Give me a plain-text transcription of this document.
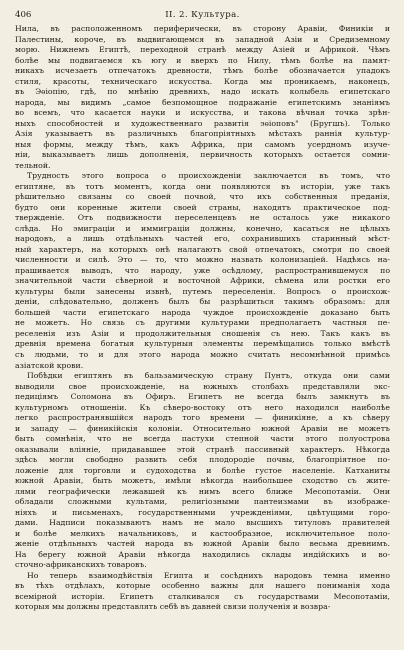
406	II. 2. Культура.

Нила, въ расположенномъ периферически, въ сторону Аравіи, Финикіи и
Палестины, короче, въ выдвигающемся въ западной Азіи и Средиземному
морю. Нижнемъ Египтѣ, переходной странѣ между Азіей и Африкой. Чѣмъ
болѣе мы подвигаемся къ югу и вверхъ по Нилу, тѣмъ болѣе на памят-
никахъ исчезаетъ отпечатокъ древности, тѣмъ болѣе обозначается упадокъ
стиля, красоты, техническаго искусства. Когда мы проникаемъ, наконецъ,
въ Эѳіопію, гдѣ, по мнѣнію древнихъ, надо искать колыбель египетскаго
народа, мы видимъ „самое безпомощное подражаніе египетскимъ знаніямъ
во всемъ, что касается науки и искусства, и такова вѣчная точка зрѣн-
ныхъ способностей и художественнаго развитія эѳіоповъ" (Бругшъ). Только
Азія указываетъ въ различныхъ благопріятныхъ мѣстахъ раннія культур-
ныя формы, между тѣмъ, какъ Африка, при самомъ усердномъ изуче-
ніи, выказываетъ лишь дополненія, первичность которыхъ остается сомни-
тельной.

Трудность этого вопроса о происхожденіи заключается въ томъ, что
египтяне, въ тотъ моментъ, когда они появляются въ исторіи, уже такъ
рѣшительно связаны со своей почвой, что ихъ собственныя преданія,
будто они коренные жители своей страны, находятъ практическое под-
твержденіе. Отъ подвижности переселенцевъ не осталось уже никакого
слѣда. Но эмиграціи и иммиграціи должны, конечно, касаться не цѣлыхъ
народовъ, а лишь отдѣльныхъ частей его, сохранившихъ старинный мѣст-
ный характеръ, на которыхъ онѣ налагаютъ свой отпечатокъ, смотря по своей
численности и силѣ. Это — то, что можно назвать колонизаціей. Надѣясь на-
прашивается выводъ, что народу, уже осѣдлому, распространившемуся по
значительной части сѣверной и восточной Африки, сѣмена или ростки его
культуры были занесены извнѣ, путемъ переселенія. Вопросъ о происхож-
деніи, слѣдовательно, долженъ былъ бы разрѣшиться такимъ образомъ: для
большей части египетскаго народа чуждое происхожденіе доказано быть
не можетъ. Но связь съ другими культурами предполагаетъ частныя пе-
реселенія изъ Азіи и продолжительныя сношенія съ нею. Такъ какъ въ
древнія времена богатыя культурныя элементы перемѣщались только вмѣстѣ
съ людьми, то и для этого народа можно считать несомнѣнной примѣсь
азіатской крови.

Побѣдки египтянъ въ бальзамическую страну Пунтъ, откуда они сами
выводили свое происхожденіе, на южныхъ столбахъ представляли экс-
педиціямъ Соломона въ Офиръ. Египетъ не всегда былъ замкнутъ въ
культурномъ отношеніи. Къ сѣверо-востоку отъ него находился наиболѣе
легко распространявшійся народъ того времени — финикіяне, а къ сѣверу
и западу — финикійскія колоніи. Относительно южной Аравіи не можетъ
быть сомнѣнія, что не всегда пастухи степной части этого полуострова
оказывали вліяніе, придававшее этой странѣ пассивный характеръ. Нѣкогда
здѣсь могли свободно развить себя плодородіе почвы, благопріятное по-
ложеніе для торговли и судоходства и болѣе густое населеніе. Катханиты
южной Аравіи, быть можетъ, имѣли нѣкогда наибольшее сходство съ жите-
лями географически лежавшей къ нимъ всего ближе Месопотаміи. Они
обладали сложными культами, религіозными пантеизмами въ изображе-
ніяхъ и письменахъ, государственными учрежденіями, цвѣтущими горо-
дами. Надписи показываютъ намъ не мало высшихъ титуловъ правителей
и болѣе мелкихъ начальниковъ, и кастообразное, исключительное поло-
женіе отдѣльныхъ частей народа въ южной Аравіи было весьма древнимъ.
На берегу южной Аравіи нѣкогда находились склады индійскихъ и во-
сточно-африканскихъ товаровъ.

Но теперь взаимодѣйствія Египта и сосѣднихъ народовъ темна именно
въ тѣхъ отдѣлахъ, которые особенно важны для нашего пониманія хода
всемірной исторіи. Египетъ сталкивался съ государствами Месопотаміи,
которыя мы должны представлять себѣ въ давней связи полученія и возвра-
